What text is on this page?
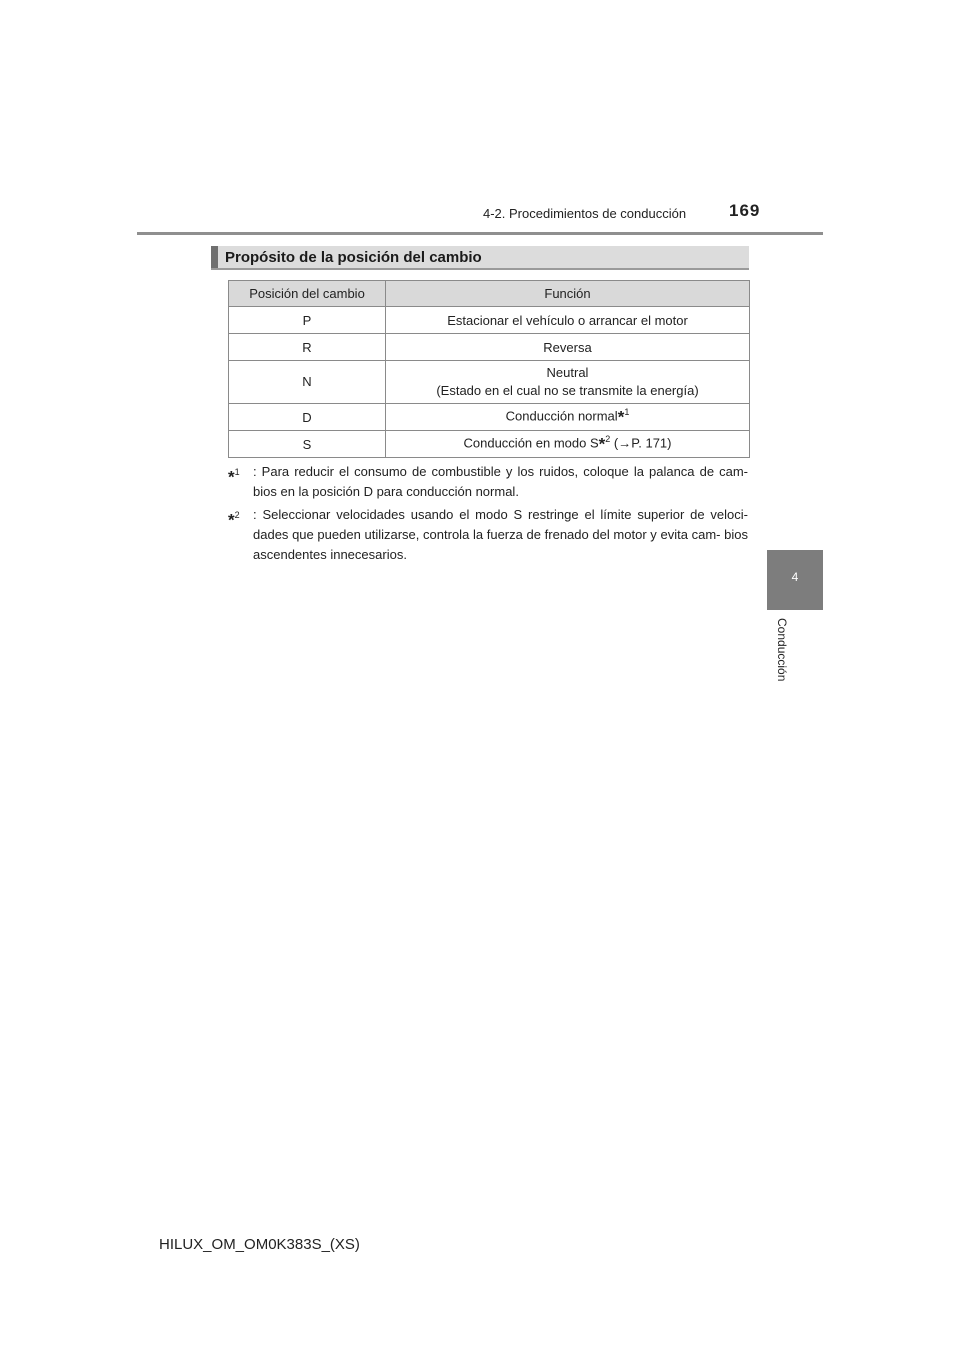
4-2. Procedimientos de conducción	169
Propósito de la posición del cambio
Posición del cambio	Función
P	Estacionar el vehículo o arrancar el motor
R	Reversa
N	Neutral
(Estado en el cual no se transmite la energía)
D	Conducción normal*$^1$
S	Conducción en modo S*$^2$ (→P. 171)
*$^1$ : Para reducir el consumo de combustible y los ruidos, coloque la palanca de cam- bios en la posición D para conducción normal.
*$^2$ : Seleccionar velocidades usando el modo S restringe el límite superior de veloci- dades que pueden utilizarse, controla la fuerza de frenado del motor y evita cam- bios ascendentes innecesarios.
4
Conducción
HILUX_OM_OM0K383S_(XS)
